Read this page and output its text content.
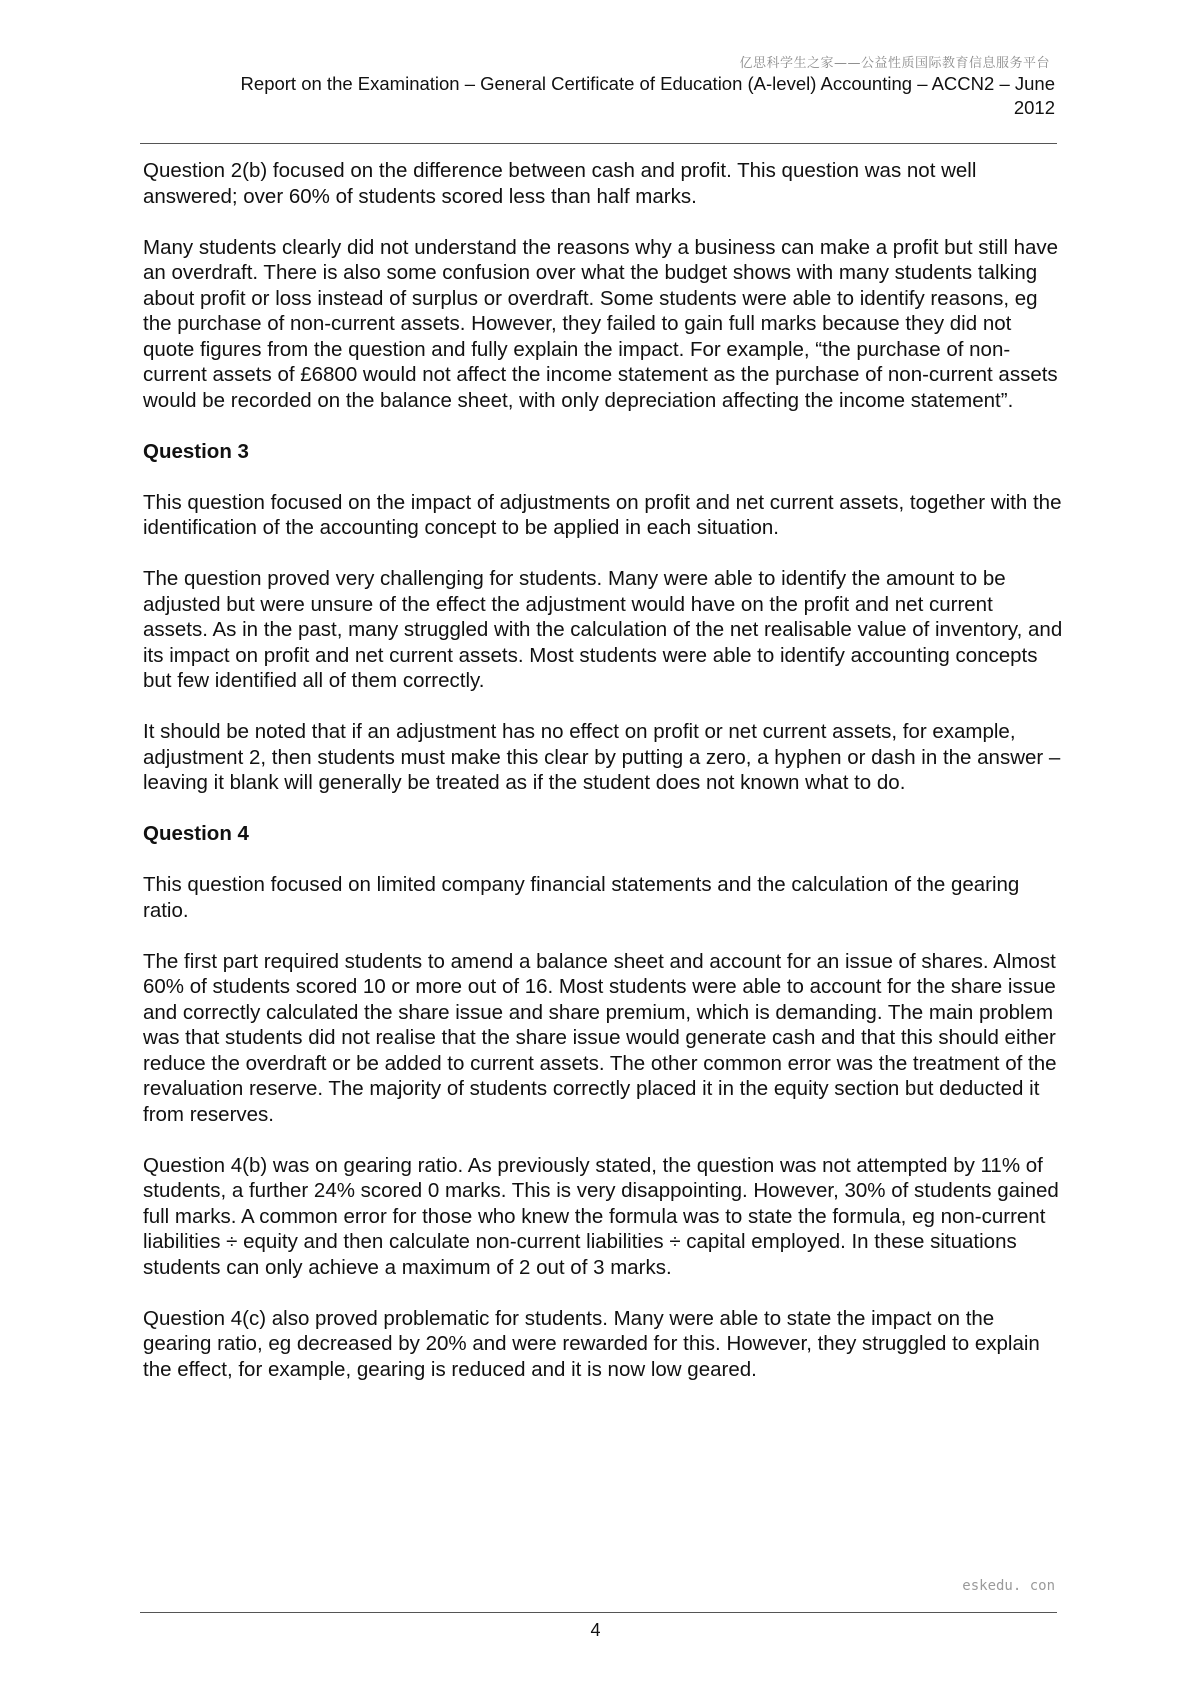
亿思科学生之家——公益性质国际教育信息服务平台
Report on the Examination – General Certificate of Education (A-level) Accounting – ACCN2 – June
2012

Question 2(b) focused on the difference between cash and profit. This question was not well answered; over 60% of students scored less than half marks.

Many students clearly did not understand the reasons why a business can make a profit but still have an overdraft. There is also some confusion over what the budget shows with many students talking about profit or loss instead of surplus or overdraft. Some students were able to identify reasons, eg the purchase of non-current assets. However, they failed to gain full marks because they did not quote figures from the question and fully explain the impact. For example, “the purchase of non-current assets of £6800 would not affect the income statement as the purchase of non-current assets would be recorded on the balance sheet, with only depreciation affecting the income statement”.

Question 3

This question focused on the impact of adjustments on profit and net current assets, together with the identification of the accounting concept to be applied in each situation.

The question proved very challenging for students. Many were able to identify the amount to be adjusted but were unsure of the effect the adjustment would have on the profit and net current assets. As in the past, many struggled with the calculation of the net realisable value of inventory, and its impact on profit and net current assets. Most students were able to identify accounting concepts but few identified all of them correctly.

It should be noted that if an adjustment has no effect on profit or net current assets, for example, adjustment 2, then students must make this clear by putting a zero, a hyphen or dash in the answer – leaving it blank will generally be treated as if the student does not known what to do.

Question 4

This question focused on limited company financial statements and the calculation of the gearing ratio.

The first part required students to amend a balance sheet and account for an issue of shares. Almost 60% of students scored 10 or more out of 16. Most students were able to account for the share issue and correctly calculated the share issue and share premium, which is demanding. The main problem was that students did not realise that the share issue would generate cash and that this should either reduce the overdraft or be added to current assets. The other common error was the treatment of the revaluation reserve. The majority of students correctly placed it in the equity section but deducted it from reserves.

Question 4(b) was on gearing ratio. As previously stated, the question was not attempted by 11% of students, a further 24% scored 0 marks. This is very disappointing. However, 30% of students gained full marks. A common error for those who knew the formula was to state the formula, eg non-current liabilities ÷ equity and then calculate non-current liabilities ÷ capital employed. In these situations students can only achieve a maximum of 2 out of 3 marks.

Question 4(c) also proved problematic for students. Many were able to state the impact on the gearing ratio, eg decreased by 20% and were rewarded for this. However, they struggled to explain the effect, for example, gearing is reduced and it is now low geared.

eskedu. con
4
